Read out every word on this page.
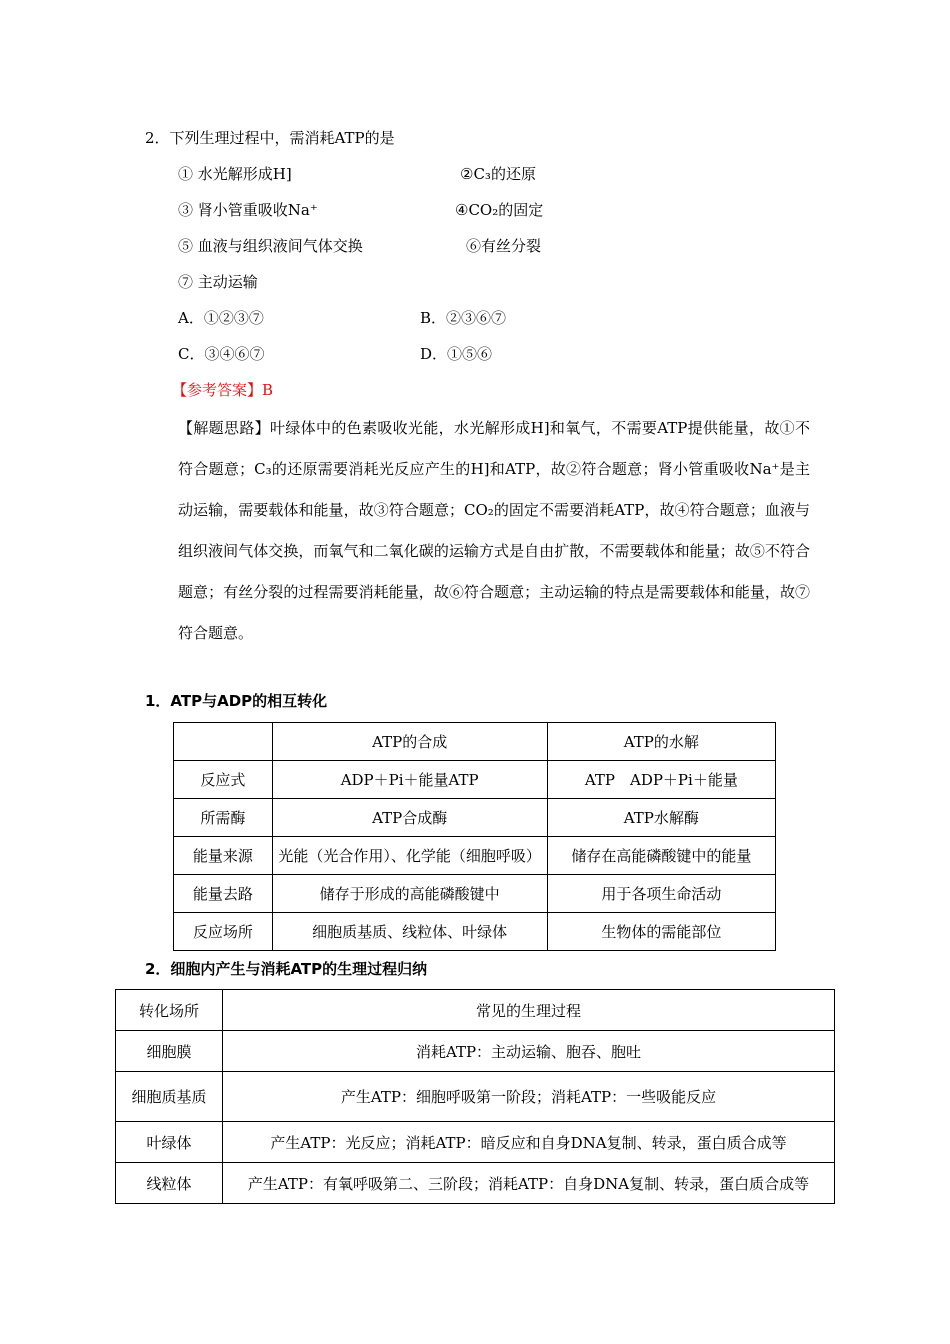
2．下列生理过程中，需消耗ATP的是
① 水光解形成H]	②C₃的还原
③ 肾小管重吸收Na⁺	④CO₂的固定
⑤ 血液与组织液间气体交换	⑥有丝分裂
⑦ 主动运输
A．①②③⑦	B．②③⑥⑦
C．③④⑥⑦	D．①⑤⑥
【参考答案】B
【解题思路】叶绿体中的色素吸收光能，水光解形成H]和氧气，不需要ATP提供能量，故①不符合题意；C₃的还原需要消耗光反应产生的H]和ATP，故②符合题意；肾小管重吸收Na⁺是主动运输，需要载体和能量，故③符合题意；CO₂的固定不需要消耗ATP，故④符合题意；血液与组织液间气体交换，而氧气和二氧化碳的运输方式是自由扩散，不需要载体和能量；故⑤不符合题意；有丝分裂的过程需要消耗能量，故⑥符合题意；主动运输的特点是需要载体和能量，故⑦符合题意。
1．ATP与ADP的相互转化
	ATP的合成	ATP的水解
反应式	ADP＋Pi＋能量ATP	ATP　ADP＋Pi＋能量
所需酶	ATP合成酶	ATP水解酶
能量来源	光能（光合作用）、化学能（细胞呼吸）	储存在高能磷酸键中的能量
能量去路	储存于形成的高能磷酸键中	用于各项生命活动
反应场所	细胞质基质、线粒体、叶绿体	生物体的需能部位
2．细胞内产生与消耗ATP的生理过程归纳
转化场所	常见的生理过程
细胞膜	消耗ATP：主动运输、胞吞、胞吐
细胞质基质	产生ATP：细胞呼吸第一阶段；消耗ATP：一些吸能反应
叶绿体	产生ATP：光反应；消耗ATP：暗反应和自身DNA复制、转录，蛋白质合成等
线粒体	产生ATP：有氧呼吸第二、三阶段；消耗ATP：自身DNA复制、转录，蛋白质合成等
